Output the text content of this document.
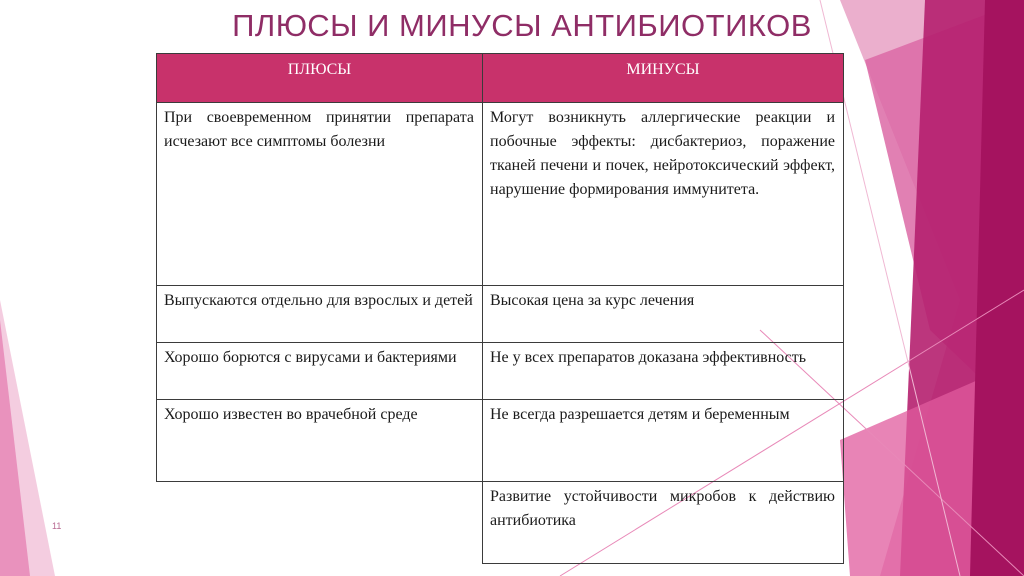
ПЛЮСЫ И МИНУСЫ АНТИБИОТИКОВ
ПЛЮСЫ	МИНУСЫ
При своевременном принятии препарата исчезают все симптомы болезни	Могут возникнуть аллергические реакции и побочные эффекты: дисбактериоз, поражение тканей печени и почек, нейротоксический эффект, нарушение формирования иммунитета.
Выпускаются отдельно для взрослых и детей	Высокая цена за курс лечения
Хорошо борются с вирусами и бактериями	Не у всех препаратов доказана эффективность
Хорошо известен во врачебной среде	Не всегда разрешается детям и беременным
	Развитие устойчивости микробов к действию антибиотика
11
